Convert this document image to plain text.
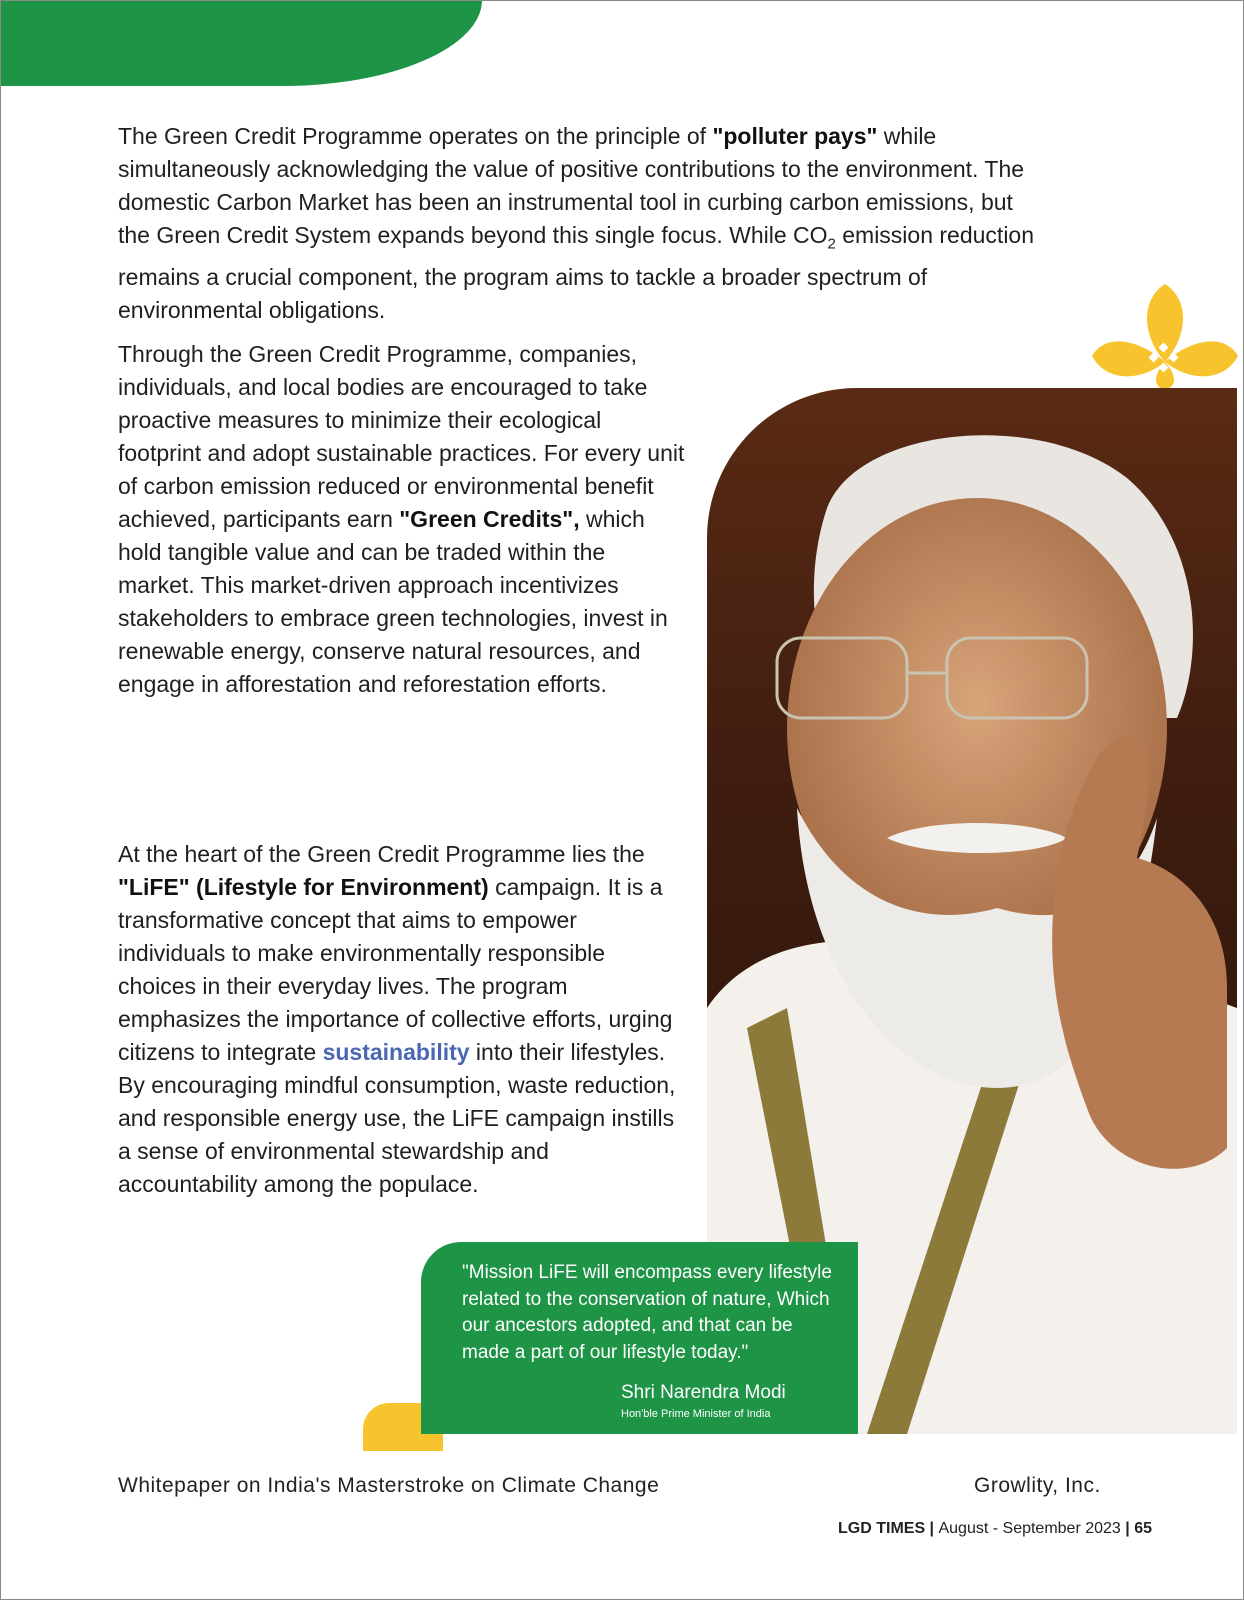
The Green Credit Programme operates on the principle of "polluter pays" while simultaneously acknowledging the value of positive contributions to the environment. The domestic Carbon Market has been an instrumental tool in curbing carbon emissions, but the Green Credit System expands beyond this single focus. While $CO_2$ emission reduction remains a crucial component, the program aims to tackle a broader spectrum of environmental obligations.

Through the Green Credit Programme, companies, individuals, and local bodies are encouraged to take proactive measures to minimize their ecological footprint and adopt sustainable practices. For every unit of carbon emission reduced or environmental benefit achieved, participants earn "Green Credits", which hold tangible value and can be traded within the market. This market-driven approach incentivizes stakeholders to embrace green technologies, invest in renewable energy, conserve natural resources, and engage in afforestation and reforestation efforts.

At the heart of the Green Credit Programme lies the "LiFE" (Lifestyle for Environment) campaign. It is a transformative concept that aims to empower individuals to make environmentally responsible choices in their everyday lives. The program emphasizes the importance of collective efforts, urging citizens to integrate sustainability into their lifestyles. By encouraging mindful consumption, waste reduction, and responsible energy use, the LiFE campaign instills a sense of environmental stewardship and accountability among the populace.

"Mission LiFE will encompass every lifestyle related to the conservation of nature, Which our ancestors adopted, and that can be made a part of our lifestyle today."

Shri Narendra Modi
Hon'ble Prime Minister of India
Whitepaper on India's Masterstroke on Climate Change	Growlity, Inc.
LGD TIMES | August - September 2023 | 65
